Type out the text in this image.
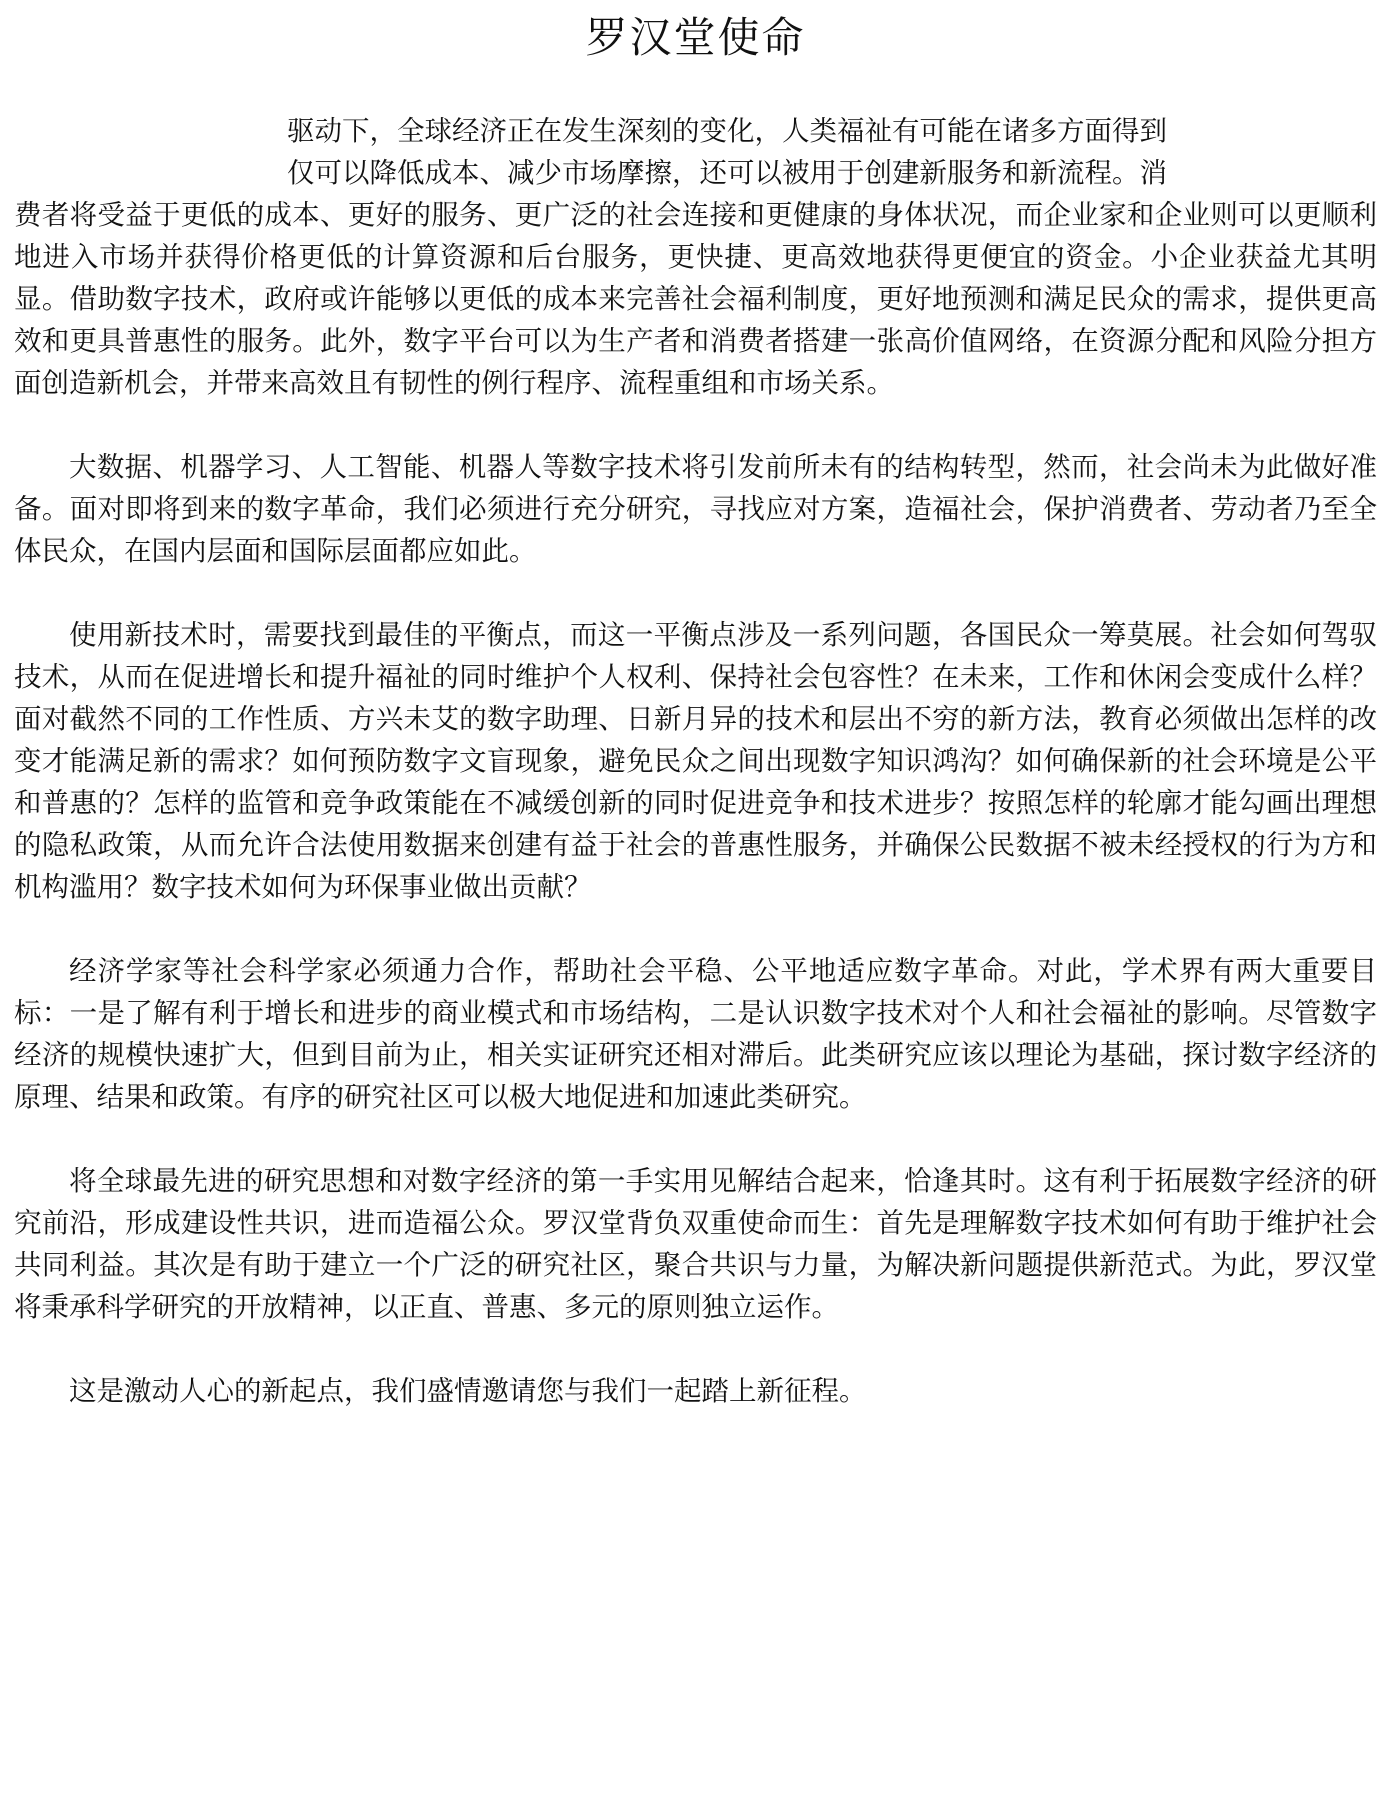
罗汉堂使命
驱动下，全球经济正在发生深刻的变化，人类福祉有可能在诸多方面得到
仅可以降低成本、减少市场摩擦，还可以被用于创建新服务和新流程。消
费者将受益于更低的成本、更好的服务、更广泛的社会连接和更健康的身体状况，而企业家和企业则可以更顺利地进入市场并获得价格更低的计算资源和后台服务，更快捷、更高效地获得更便宜的资金。小企业获益尤其明显。借助数字技术，政府或许能够以更低的成本来完善社会福利制度，更好地预测和满足民众的需求，提供更高效和更具普惠性的服务。此外，数字平台可以为生产者和消费者搭建一张高价值网络，在资源分配和风险分担方面创造新机会，并带来高效且有韧性的例行程序、流程重组和市场关系。

大数据、机器学习、人工智能、机器人等数字技术将引发前所未有的结构转型，然而，社会尚未为此做好准备。面对即将到来的数字革命，我们必须进行充分研究，寻找应对方案，造福社会，保护消费者、劳动者乃至全体民众，在国内层面和国际层面都应如此。

使用新技术时，需要找到最佳的平衡点，而这一平衡点涉及一系列问题，各国民众一筹莫展。社会如何驾驭技术，从而在促进增长和提升福祉的同时维护个人权利、保持社会包容性？在未来，工作和休闲会变成什么样？面对截然不同的工作性质、方兴未艾的数字助理、日新月异的技术和层出不穷的新方法，教育必须做出怎样的改变才能满足新的需求？如何预防数字文盲现象，避免民众之间出现数字知识鸿沟？如何确保新的社会环境是公平和普惠的？怎样的监管和竞争政策能在不减缓创新的同时促进竞争和技术进步？按照怎样的轮廓才能勾画出理想的隐私政策，从而允许合法使用数据来创建有益于社会的普惠性服务，并确保公民数据不被未经授权的行为方和机构滥用？数字技术如何为环保事业做出贡献？

经济学家等社会科学家必须通力合作，帮助社会平稳、公平地适应数字革命。对此，学术界有两大重要目标：一是了解有利于增长和进步的商业模式和市场结构，二是认识数字技术对个人和社会福祉的影响。尽管数字经济的规模快速扩大，但到目前为止，相关实证研究还相对滞后。此类研究应该以理论为基础，探讨数字经济的原理、结果和政策。有序的研究社区可以极大地促进和加速此类研究。

将全球最先进的研究思想和对数字经济的第一手实用见解结合起来，恰逢其时。这有利于拓展数字经济的研究前沿，形成建设性共识，进而造福公众。罗汉堂背负双重使命而生：首先是理解数字技术如何有助于维护社会共同利益。其次是有助于建立一个广泛的研究社区，聚合共识与力量，为解决新问题提供新范式。为此，罗汉堂将秉承科学研究的开放精神，以正直、普惠、多元的原则独立运作。

这是激动人心的新起点，我们盛情邀请您与我们一起踏上新征程。
